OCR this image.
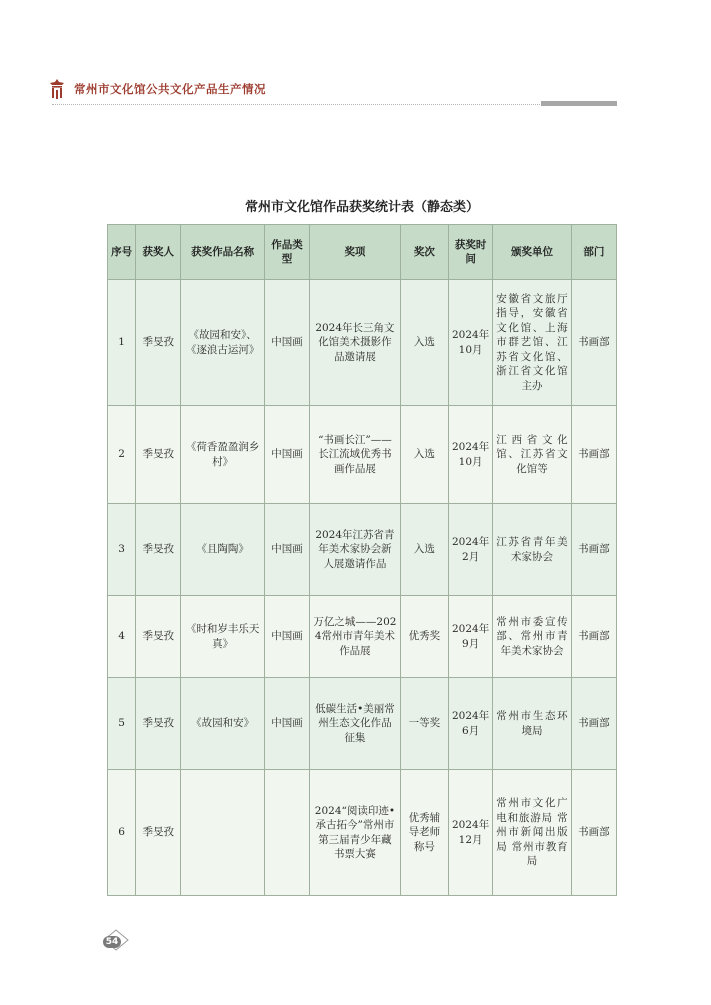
常州市文化馆公共文化产品生产情况
常州市文化馆作品获奖统计表（静态类）
序号	获奖人	获奖作品名称	作品类型	奖项	奖次	获奖时间	颁奖单位	部门
1	季旻孜	《故园和安》、《逐浪古运河》	中国画	2024年长三角文化馆美术摄影作品邀请展	入选	2024年10月	安徽省文旅厅指导，安徽省文化馆、上海市群艺馆、江苏省文化馆、浙江省文化馆主办	书画部
2	季旻孜	《荷香盈盈润乡村》	中国画	“书画长江”——长江流域优秀书画作品展	入选	2024年10月	江西省文化馆、江苏省文化馆等	书画部
3	季旻孜	《且陶陶》	中国画	2024年江苏省青年美术家协会新人展邀请作品	入选	2024年2月	江苏省青年美术家协会	书画部
4	季旻孜	《时和岁丰乐天真》	中国画	万亿之城——2024常州市青年美术作品展	优秀奖	2024年9月	常州市委宣传部、常州市青年美术家协会	书画部
5	季旻孜	《故园和安》	中国画	低碳生活•美丽常州生态文化作品征集	一等奖	2024年6月	常州市生态环境局	书画部
6	季旻孜			2024“阅读印迹•承古拓今”常州市第三届青少年藏书票大赛	优秀辅导老师称号	2024年12月	常州市文化广电和旅游局 常州市新闻出版局 常州市教育局	书画部
54
